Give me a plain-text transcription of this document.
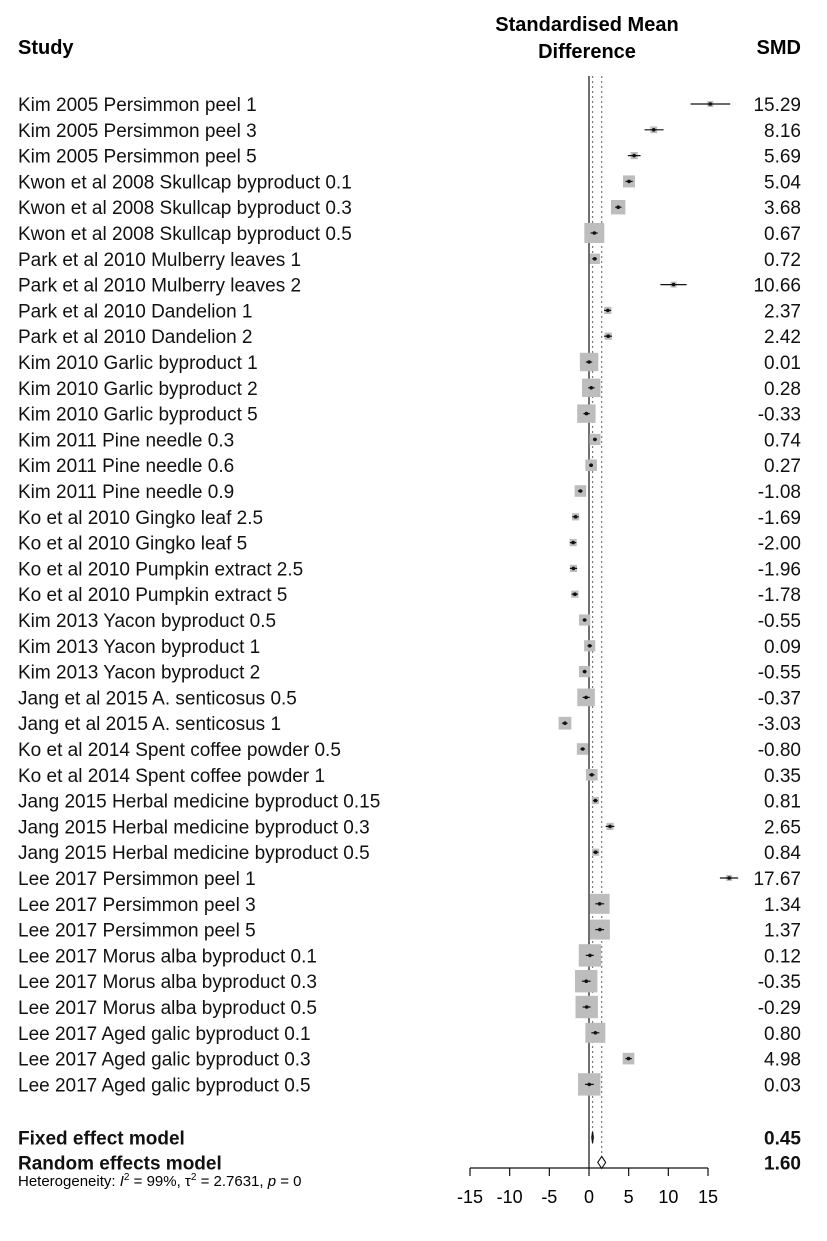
Study
Standardised Mean
Difference	SMD
Kim 2005 Persimmon peel 1	15.29
Kim 2005 Persimmon peel 3	8.16
Kim 2005 Persimmon peel 5	5.69
Kwon et al 2008 Skullcap byproduct 0.1	5.04
Kwon et al 2008 Skullcap byproduct 0.3	3.68
Kwon et al 2008 Skullcap byproduct 0.5	0.67
Park et al 2010 Mulberry leaves 1	0.72
Park et al 2010 Mulberry leaves 2	10.66
Park et al 2010 Dandelion 1	2.37
Park et al 2010 Dandelion 2	2.42
Kim 2010 Garlic byproduct 1	0.01
Kim 2010 Garlic byproduct 2	0.28
Kim 2010 Garlic byproduct 5	-0.33
Kim 2011 Pine needle 0.3	0.74
Kim 2011 Pine needle 0.6	0.27
Kim 2011 Pine needle 0.9	-1.08
Ko et al 2010 Gingko leaf 2.5	-1.69
Ko et al 2010 Gingko leaf 5	-2.00
Ko et al 2010 Pumpkin extract 2.5	-1.96
Ko et al 2010 Pumpkin extract 5	-1.78
Kim 2013 Yacon byproduct 0.5	-0.55
Kim 2013 Yacon byproduct 1	0.09
Kim 2013 Yacon byproduct 2	-0.55
Jang et al 2015 A. senticosus 0.5	-0.37
Jang et al 2015 A. senticosus 1	-3.03
Ko et al 2014 Spent coffee powder 0.5	-0.80
Ko et al 2014 Spent coffee powder 1	0.35
Jang 2015 Herbal medicine byproduct 0.15	0.81
Jang 2015 Herbal medicine byproduct 0.3	2.65
Jang 2015 Herbal medicine byproduct 0.5	0.84
Lee 2017 Persimmon peel 1	17.67
Lee 2017 Persimmon peel 3	1.34
Lee 2017 Persimmon peel 5	1.37
Lee 2017 Morus alba byproduct 0.1	0.12
Lee 2017 Morus alba byproduct 0.3	-0.35
Lee 2017 Morus alba byproduct 0.5	-0.29
Lee 2017 Aged galic byproduct 0.1	0.80
Lee 2017 Aged galic byproduct 0.3	4.98
Lee 2017 Aged galic byproduct 0.5	0.03
Fixed effect model	0.45
Random effects model	1.60
Heterogeneity: $I^2 = 99\%$, $\tau^2 = 2.7631$, p = 0
-15 -10 -5 0 5 10 15
